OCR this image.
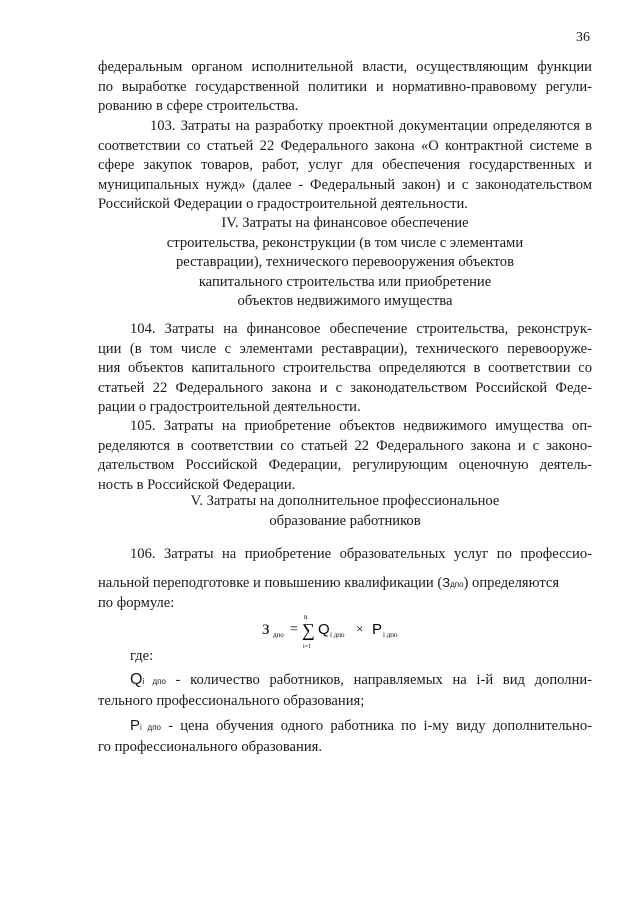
36
федеральным органом исполнительной власти, осуществляющим функции
по выработке государственной политики и нормативно-правовому регули-
рованию в сфере строительства.
103. Затраты на разработку проектной документации определяются в
соответствии со статьей 22 Федерального закона «О контрактной системе в
сфере закупок товаров, работ, услуг для обеспечения государственных и
муниципальных нужд» (далее - Федеральный закон) и с законодательством
Российской Федерации о градостроительной деятельности.
IV. Затраты на финансовое обеспечение
строительства, реконструкции (в том числе с элементами
реставрации), технического перевооружения объектов
капитального строительства или приобретение
объектов недвижимого имущества
104. Затраты на финансовое обеспечение строительства, реконструк-
ции (в том числе с элементами реставрации), технического перевооруже-
ния объектов капитального строительства определяются в соответствии со
статьей 22 Федерального закона и с законодательством Российской Феде-
рации о градостроительной деятельности.
105. Затраты на приобретение объектов недвижимого имущества оп-
ределяются в соответствии со статьей 22 Федерального закона и с законо-
дательством Российской Федерации, регулирующим оценочную деятель-
ность в Российской Федерации.
V. Затраты на дополнительное профессиональное
образование работников
106. Затраты на приобретение образовательных услуг по профессио-
нальной переподготовке и повышению квалификации (Здпо) определяются
по формуле:
З дпо =
n
∑
i=1
Q i дпо × P i дпо
где:
Qi дпо - количество работников, направляемых на i-й вид дополни-
тельного профессионального образования;
Pi дпо - цена обучения одного работника по i-му виду дополнительно-
го профессионального образования.
